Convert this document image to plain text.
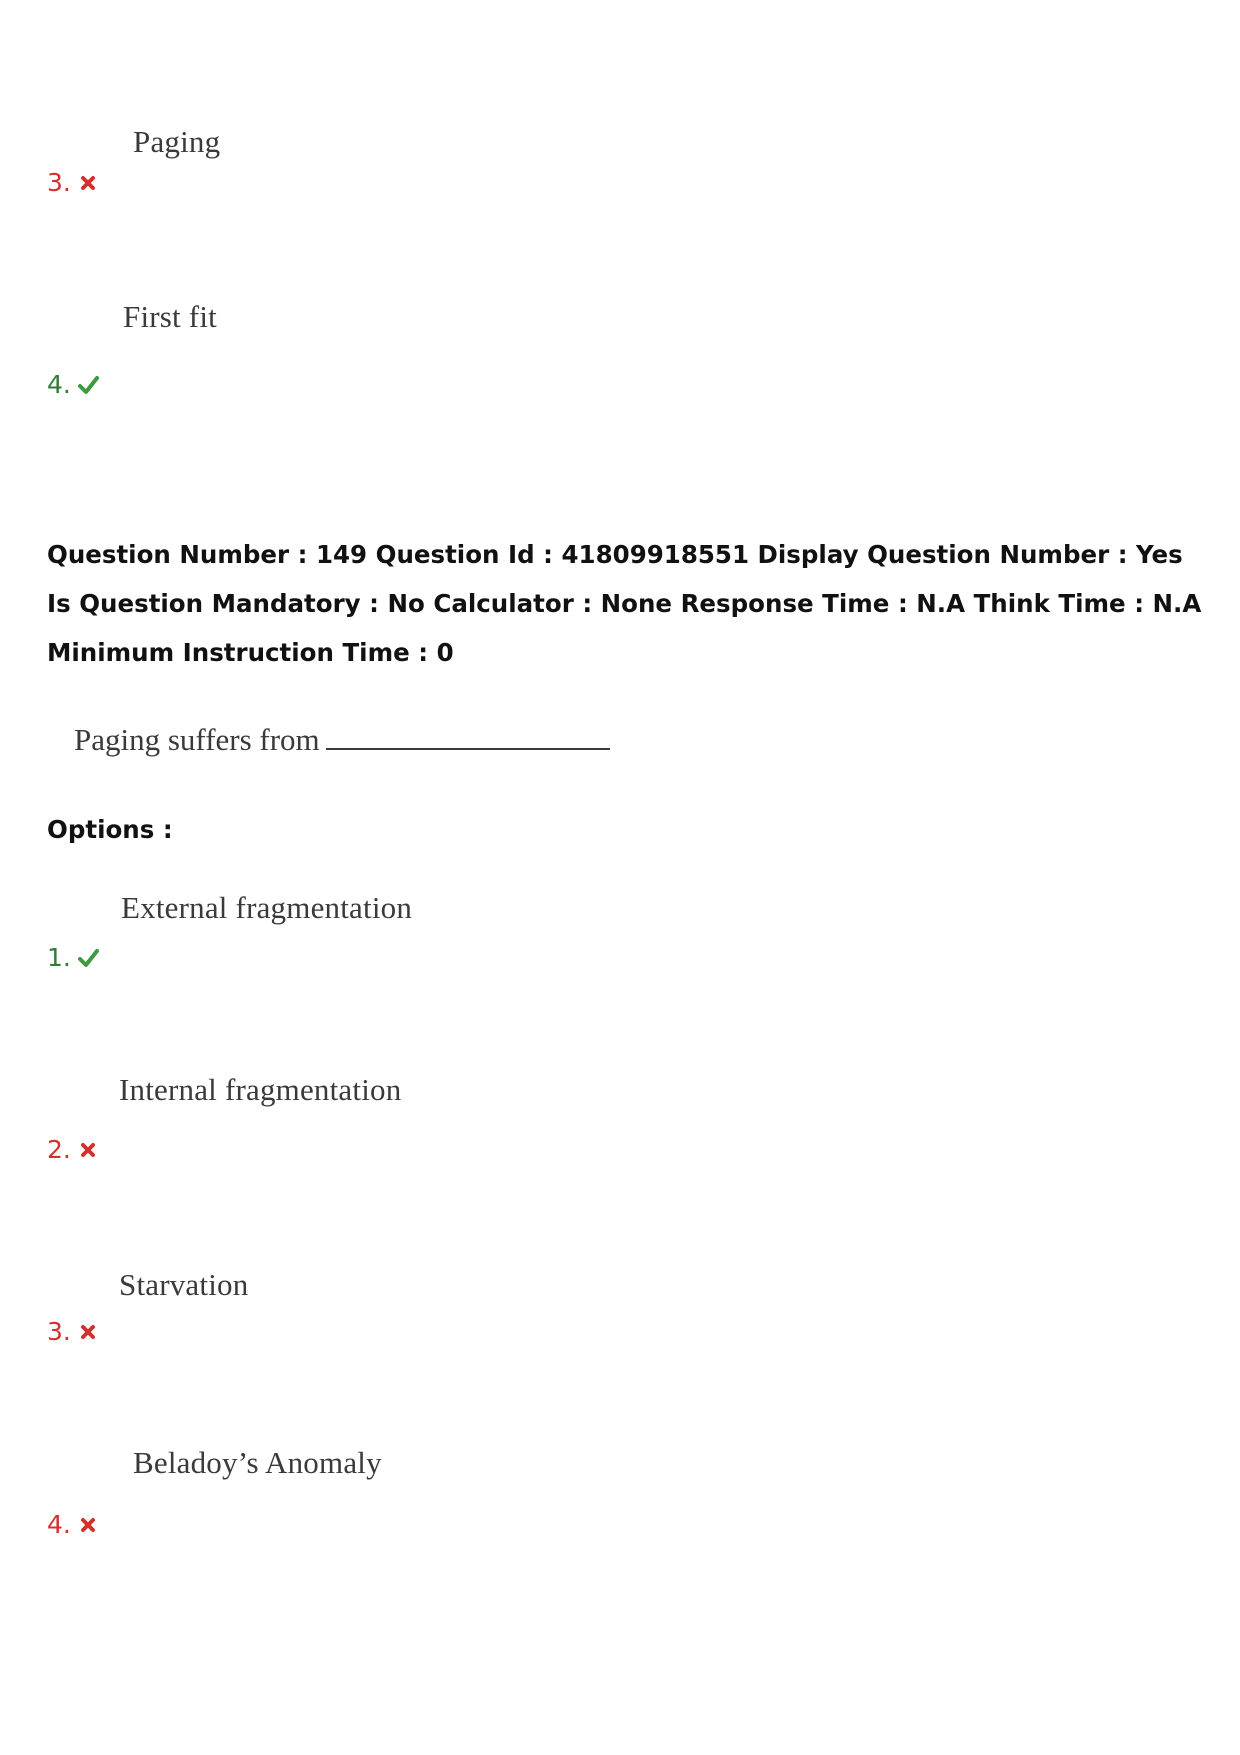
Paging
3.
First fit
4.

Question Number : 149 Question Id : 41809918551 Display Question Number : Yes Is Question Mandatory : No Calculator : None Response Time : N.A Think Time : N.A Minimum Instruction Time : 0

Paging suffers from
Options :
External fragmentation
1.
Internal fragmentation
2.
Starvation
3.
Beladoy’s Anomaly
4.
